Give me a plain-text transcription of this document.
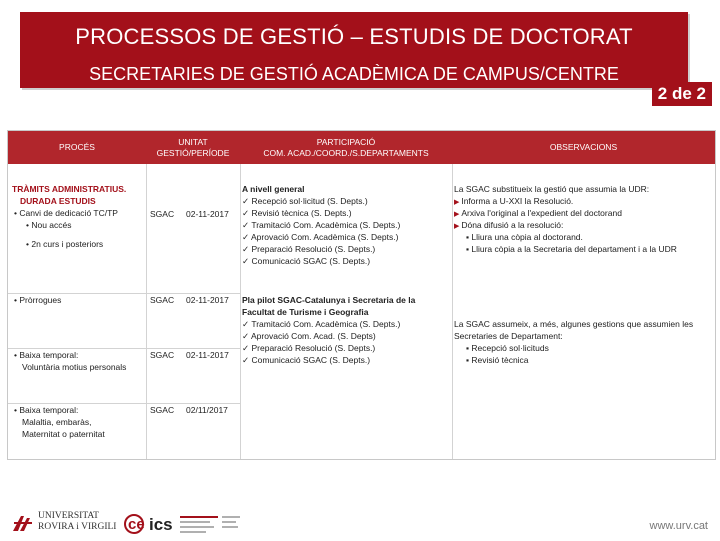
PROCESSOS DE GESTIÓ – ESTUDIS DE DOCTORAT
SECRETARIES DE GESTIÓ ACADÈMICA DE CAMPUS/CENTRE
2 de 2
PROCÉS
UNITAT
GESTIÓ/PERÍODE
PARTICIPACIÓ
COM. ACAD./COORD./S.DEPARTAMENTS
OBSERVACIONS
TRÀMITS ADMINISTRATIUS.
DURADA ESTUDIS
• Canvi de dedicació TC/TP
• Nou accés
• 2n curs i posteriors
SGAC 02-11-2017
A nivell general
✓ Recepció sol·licitud (S. Depts.)
✓ Revisió tècnica (S. Depts.)
✓ Tramitació Com. Acadèmica (S. Depts.)
✓ Aprovació Com. Acadèmica (S. Depts.)
✓ Preparació Resolució (S. Depts.)
✓ Comunicació SGAC (S. Depts.)
La SGAC substitueix la gestió que assumia la UDR:
▶ Informa a U-XXI la Resolució.
▶ Arxiva l'original a l'expedient del doctorand
▶ Dóna difusió a la resolució:
▪ Lliura una còpia al doctorand.
▪ Lliura còpia a la Secretaria del departament i a la UDR
• Pròrrogues	SGAC 02-11-2017 Pla pilot SGAC-Catalunya i Secretaria de la
Facultat de Turisme i Geografia
✓ Tramitació Com. Acadèmica (S. Depts.)
✓ Aprovació Com. Acad. (S. Depts)
✓ Preparació Resolució (S. Depts.)
✓ Comunicació SGAC (S. Depts.)
La SGAC assumeix, a més, algunes gestions que assumien les
Secretaries de Departament:
▪ Recepció sol·licituds
▪ Revisió tècnica
• Baixa temporal:
Voluntària motius personals
SGAC 02-11-2017
• Baixa temporal:
Malaltia, embaràs,
Maternitat o paternitat
SGAC 02/11/2017
UNIVERSITAT
ROVIRA i VIRGILI ce ics	www.urv.cat
